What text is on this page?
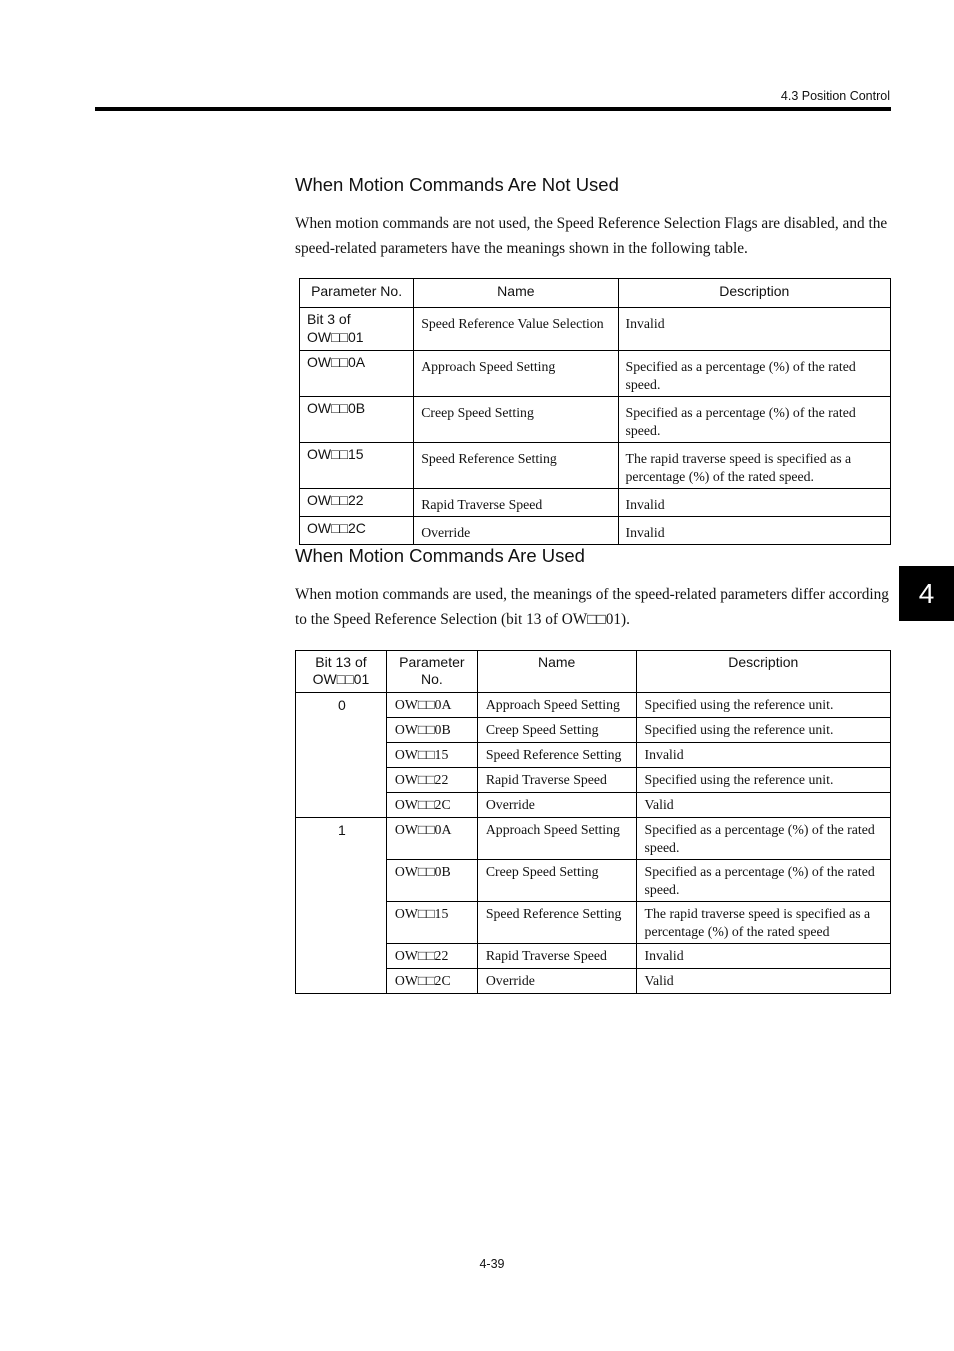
4.3 Position Control
4
When Motion Commands Are Not Used

When motion commands are not used, the Speed Reference Selection Flags are disabled, and the speed-related parameters have the meanings shown in the following table.

Parameter No.	Name	Description
Bit 3 of OW□□01	Speed Reference Value Selection	Invalid
OW□□0A	Approach Speed Setting	Specified as a percentage (%) of the rated speed.
OW□□0B	Creep Speed Setting	Specified as a percentage (%) of the rated speed.
OW□□15	Speed Reference Setting	The rapid traverse speed is specified as a percentage (%) of the rated speed.
OW□□22	Rapid Traverse Speed	Invalid
OW□□2C	Override	Invalid
When Motion Commands Are Used

When motion commands are used, the meanings of the speed-related parameters differ according to the Speed Reference Selection (bit 13 of OW□□01).

Bit 13 of OW□□01	Parameter No.	Name	Description
0	OW□□0A	Approach Speed Setting	Specified using the reference unit.
	OW□□0B	Creep Speed Setting	Specified using the reference unit.
	OW□□15	Speed Reference Setting	Invalid
	OW□□22	Rapid Traverse Speed	Specified using the reference unit.
	OW□□2C	Override	Valid
1	OW□□0A	Approach Speed Setting	Specified as a percentage (%) of the rated speed.
	OW□□0B	Creep Speed Setting	Specified as a percentage (%) of the rated speed.
	OW□□15	Speed Reference Setting	The rapid traverse speed is specified as a percentage (%) of the rated speed
	OW□□22	Rapid Traverse Speed	Invalid
	OW□□2C	Override	Valid
4-39
